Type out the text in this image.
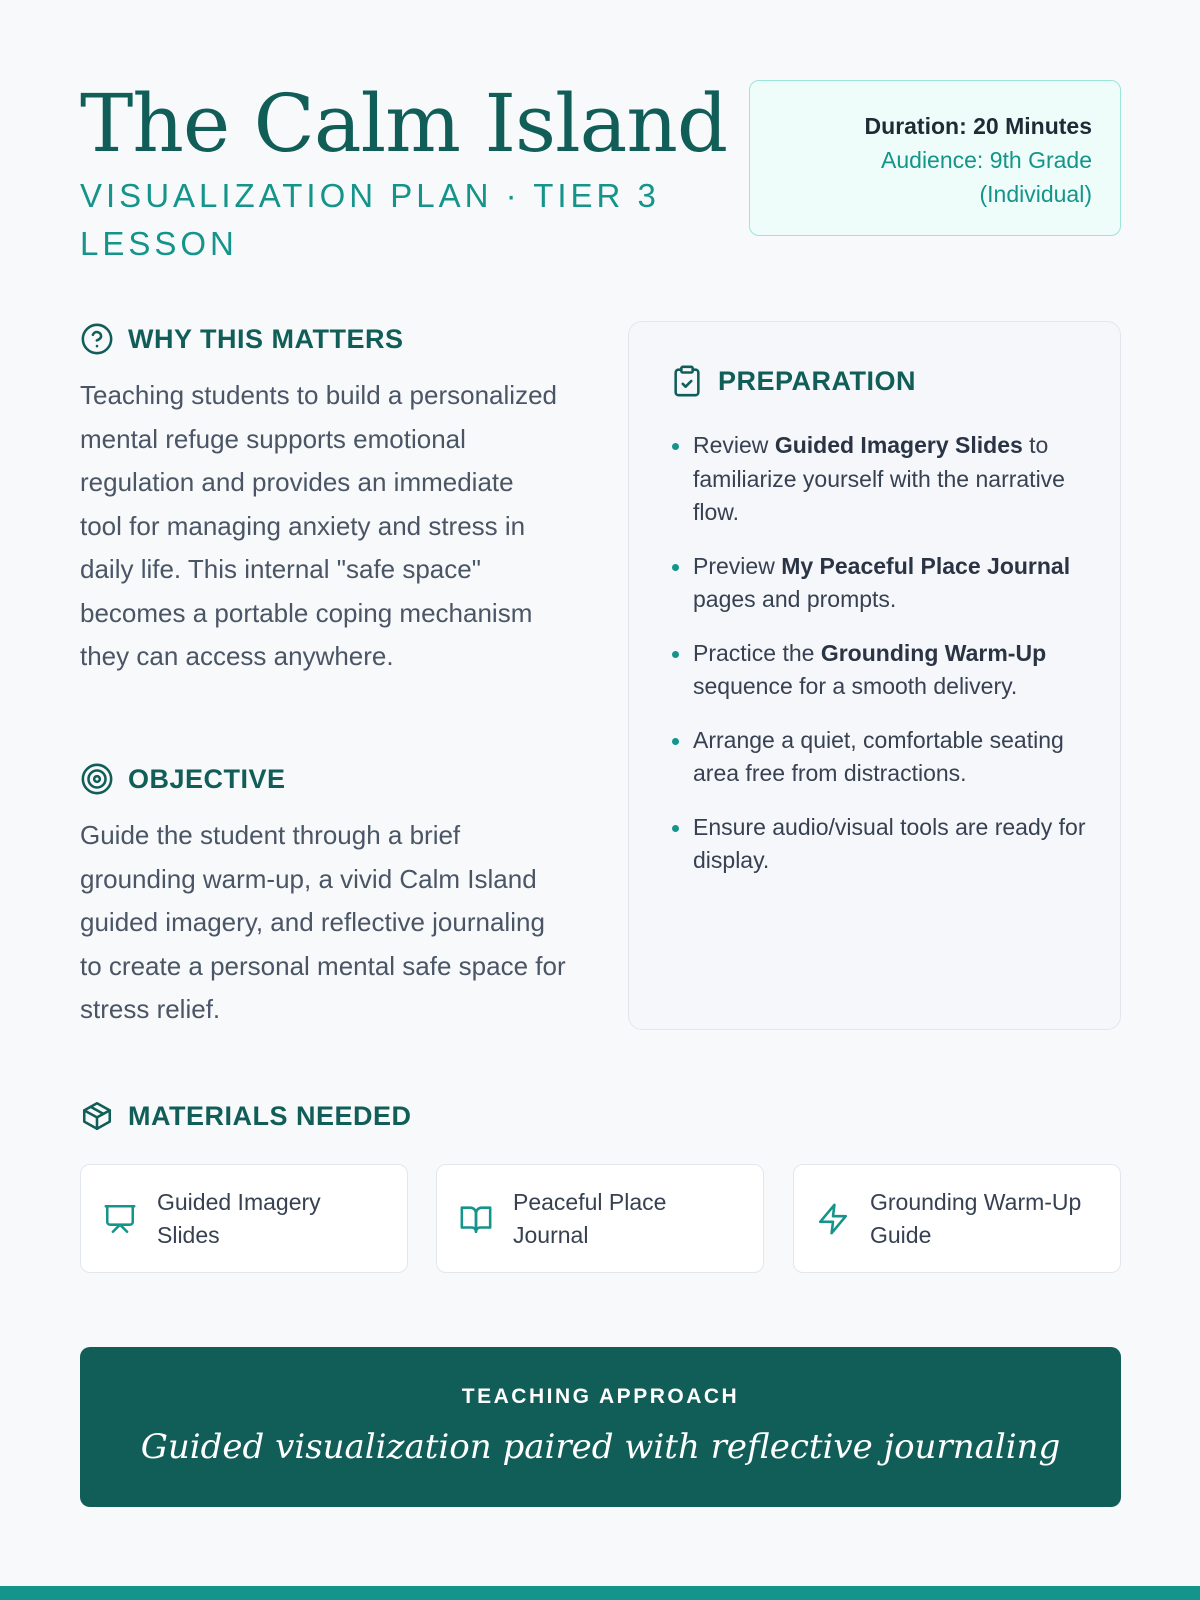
The Calm Island
VISUALIZATION PLAN · TIER 3 LESSON
Duration: 20 Minutes
Audience: 9th Grade (Individual)
WHY THIS MATTERS

Teaching students to build a personalized mental refuge supports emotional regulation and provides an immediate tool for managing anxiety and stress in daily life. This internal "safe space" becomes a portable coping mechanism they can access anywhere.

OBJECTIVE

Guide the student through a brief grounding warm-up, a vivid Calm Island guided imagery, and reflective journaling to create a personal mental safe space for stress relief.

PREPARATION
Review Guided Imagery Slides to familiarize yourself with the narrative flow.
Preview My Peaceful Place Journal pages and prompts.
Practice the Grounding Warm-Up sequence for a smooth delivery.
Arrange a quiet, comfortable seating area free from distractions.
Ensure audio/visual tools are ready for display.
MATERIALS NEEDED
Guided Imagery Slides
Peaceful Place Journal
Grounding Warm-Up Guide
TEACHING APPROACH
Guided visualization paired with reflective journaling
